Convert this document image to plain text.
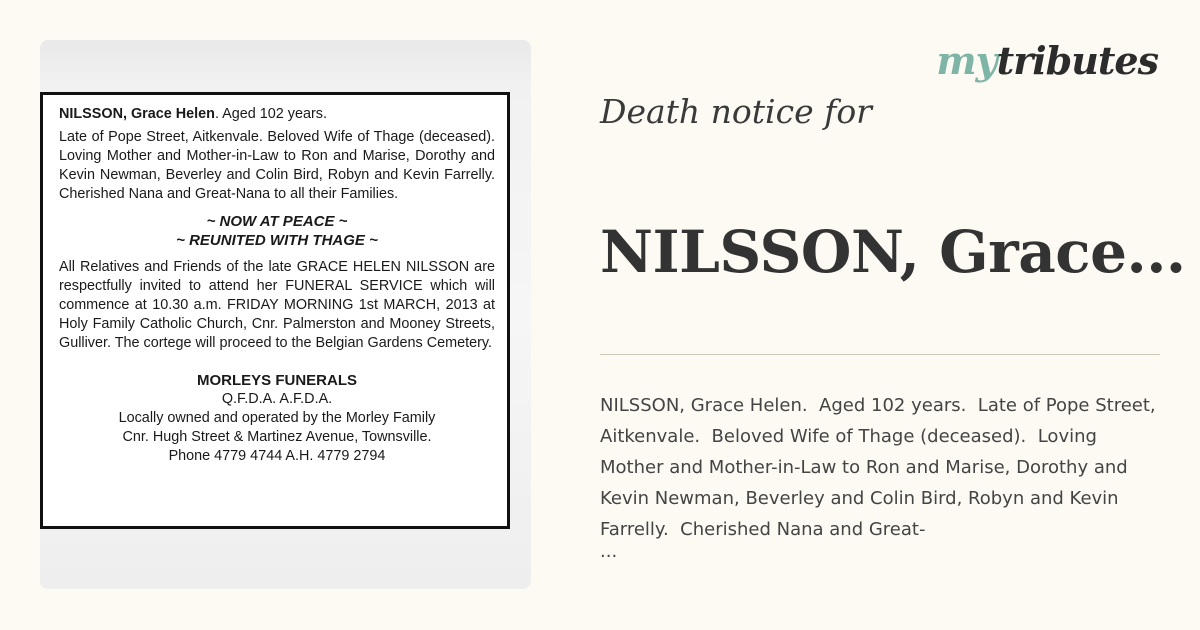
NILSSON, Grace Helen. Aged 102 years.

Late of Pope Street, Aitkenvale. Beloved Wife of Thage (deceased). Loving Mother and Mother-in-Law to Ron and Marise, Dorothy and Kevin Newman, Beverley and Colin Bird, Robyn and Kevin Farrelly. Cherished Nana and Great-Nana to all their Families.

~ NOW AT PEACE ~

~ REUNITED WITH THAGE ~

All Relatives and Friends of the late GRACE HELEN NILSSON are respectfully invited to attend her FUNERAL SERVICE which will commence at 10.30 a.m. FRIDAY MORNING 1st MARCH, 2013 at Holy Family Catholic Church, Cnr. Palmerston and Mooney Streets, Gulliver. The cortege will proceed to the Belgian Gardens Cemetery.

MORLEYS FUNERALS

Q.F.D.A. A.F.D.A.

Locally owned and operated by the Morley Family

Cnr. Hugh Street & Martinez Avenue, Townsville.

Phone 4779 4744 A.H. 4779 2794

mytributes
Death notice for
NILSSON, Grace...
NILSSON, Grace Helen.  Aged 102 years.  Late of Pope Street, Aitkenvale.  Beloved Wife of Thage (deceased).  Loving Mother and Mother-in-Law to Ron and Marise, Dorothy and Kevin Newman, Beverley and Colin Bird, Robyn and Kevin Farrelly.  Cherished Nana and Great-
...
